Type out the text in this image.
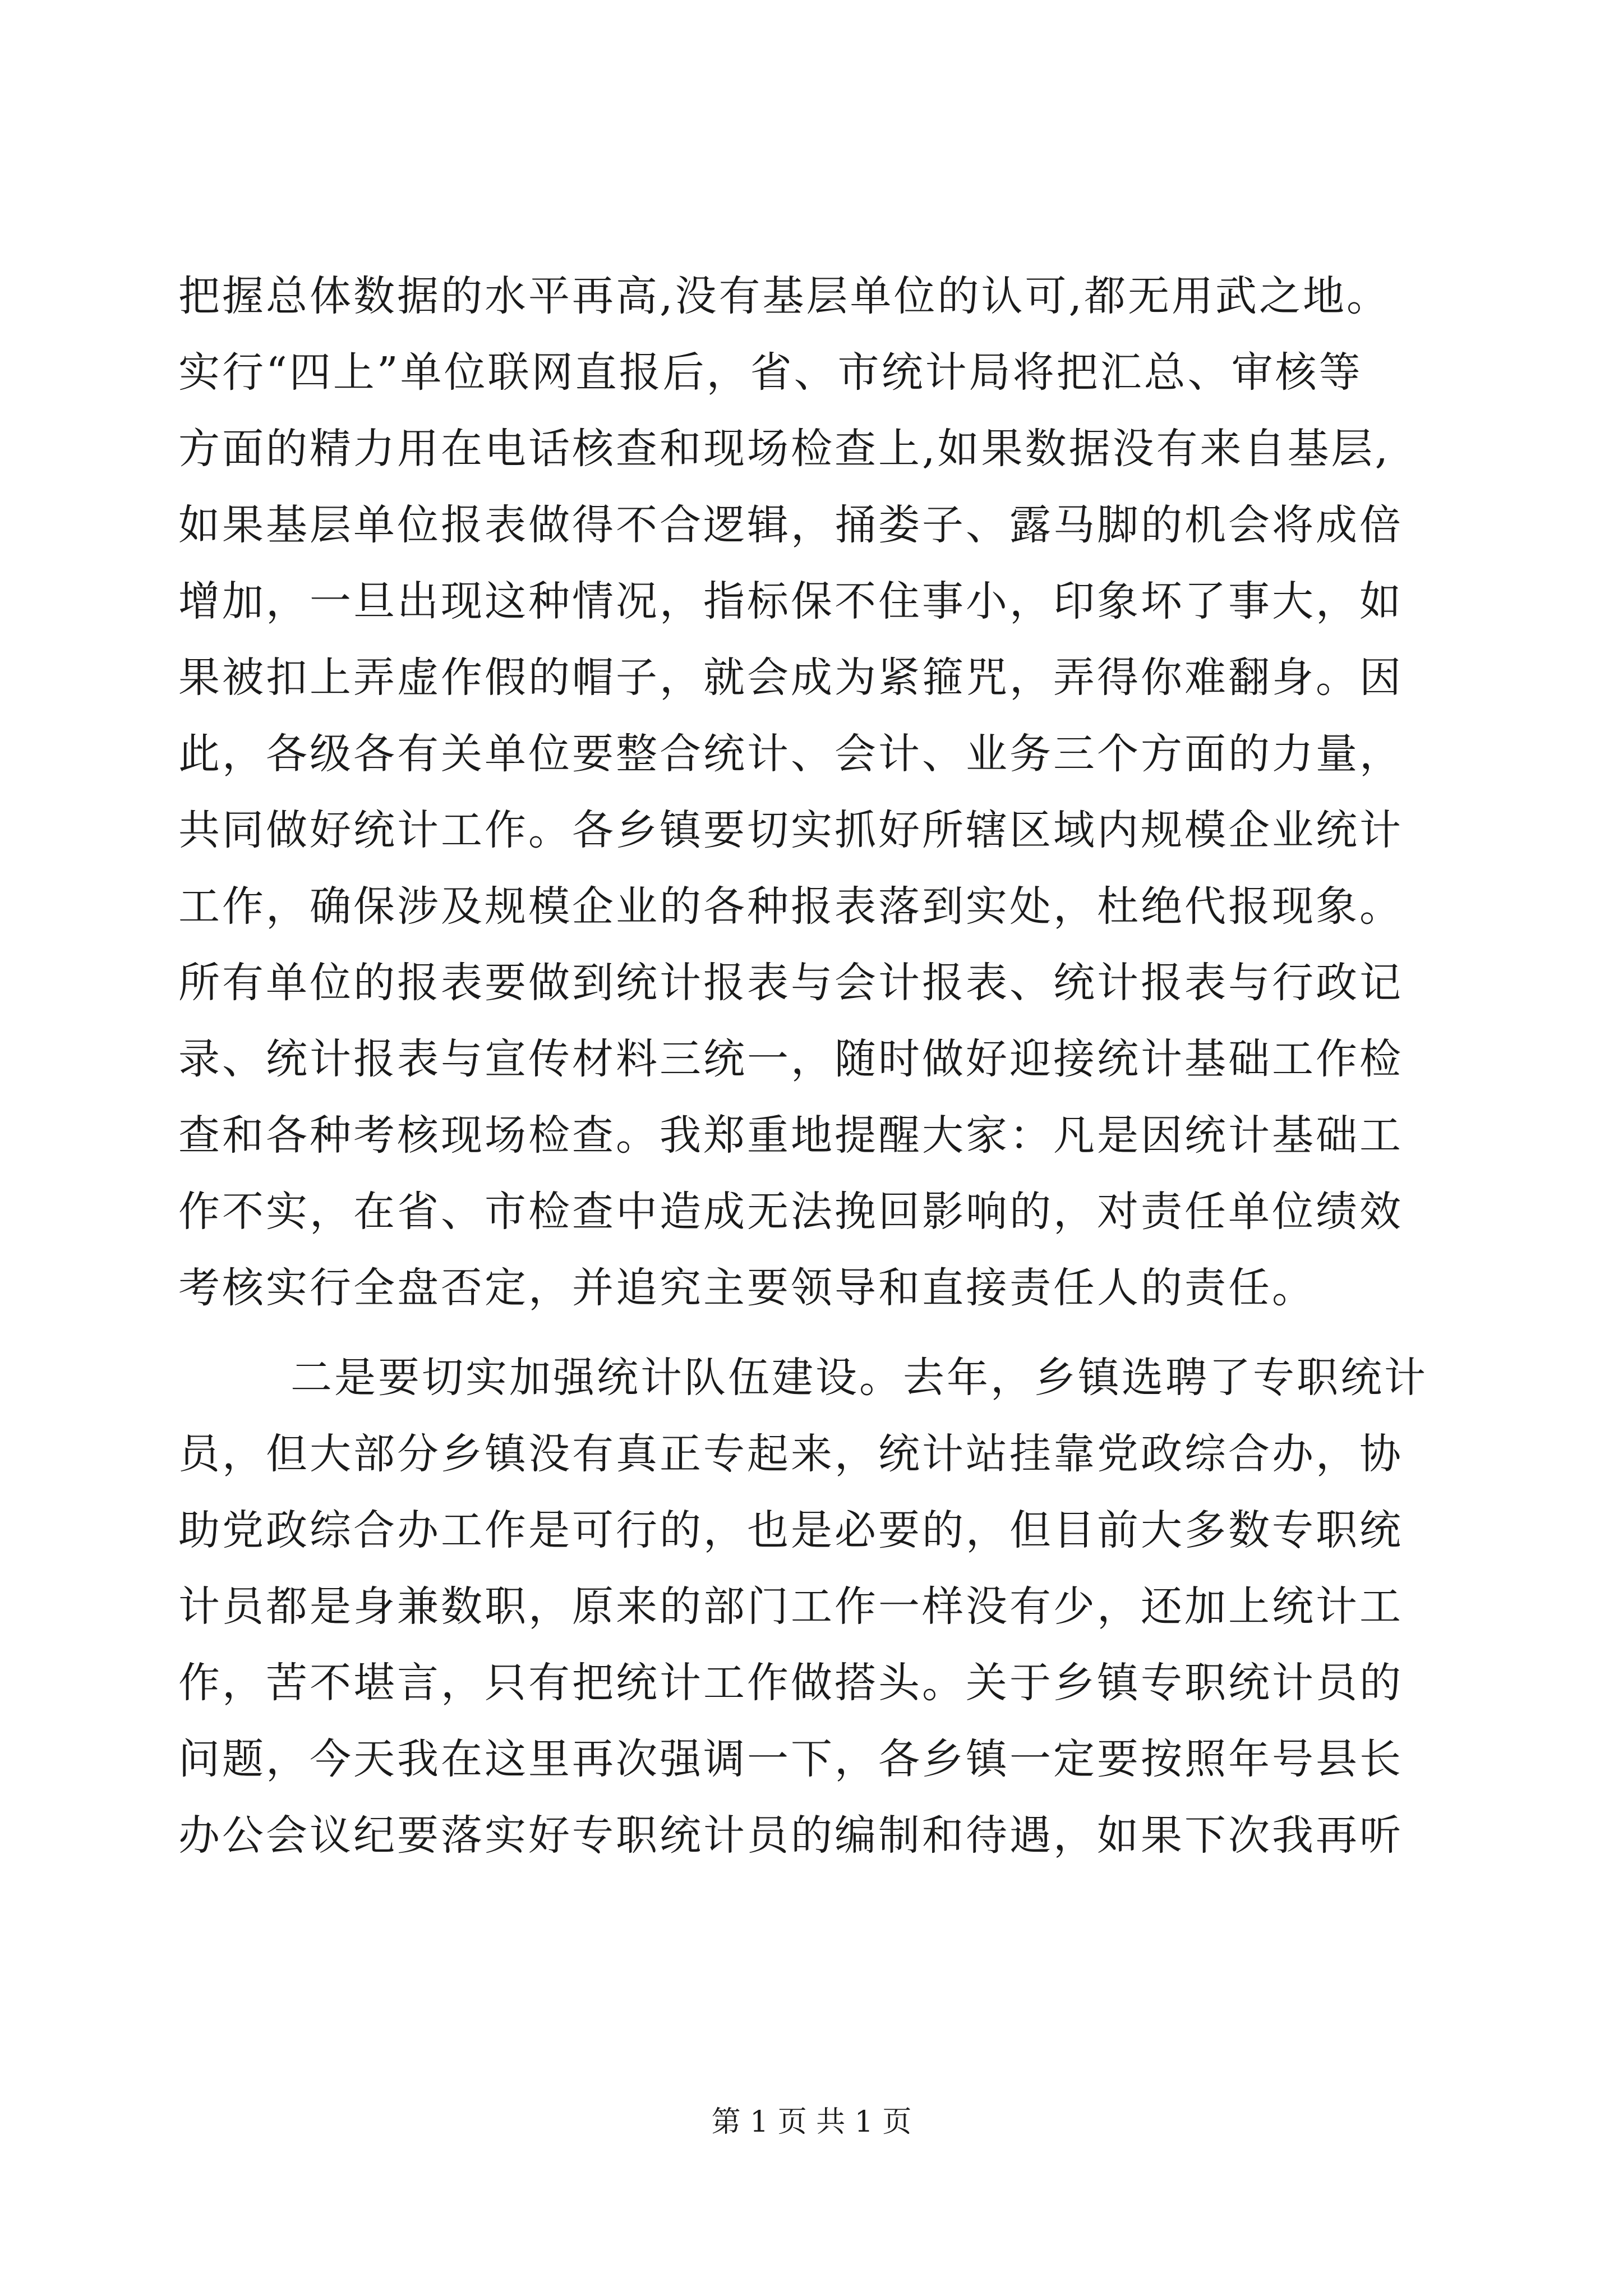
把握总体数据的水平再高,没有基层单位的认可,都无用武之地。
实行“四上”单位联网直报后，省、市统计局将把汇总、审核等
方面的精力用在电话核查和现场检查上,如果数据没有来自基层,
如果基层单位报表做得不合逻辑，捅娄子、露马脚的机会将成倍
增加，一旦出现这种情况，指标保不住事小，印象坏了事大，如
果被扣上弄虚作假的帽子，就会成为紧箍咒，弄得你难翻身。因
此，各级各有关单位要整合统计、会计、业务三个方面的力量，
共同做好统计工作。各乡镇要切实抓好所辖区域内规模企业统计
工作，确保涉及规模企业的各种报表落到实处，杜绝代报现象。
所有单位的报表要做到统计报表与会计报表、统计报表与行政记
录、统计报表与宣传材料三统一，随时做好迎接统计基础工作检
查和各种考核现场检查。我郑重地提醒大家：凡是因统计基础工
作不实，在省、市检查中造成无法挽回影响的，对责任单位绩效
考核实行全盘否定，并追究主要领导和直接责任人的责任。
二是要切实加强统计队伍建设。去年，乡镇选聘了专职统计
员，但大部分乡镇没有真正专起来，统计站挂靠党政综合办，协
助党政综合办工作是可行的，也是必要的，但目前大多数专职统
计员都是身兼数职，原来的部门工作一样没有少，还加上统计工
作，苦不堪言，只有把统计工作做搭头。关于乡镇专职统计员的
问题，今天我在这里再次强调一下，各乡镇一定要按照年号县长
办公会议纪要落实好专职统计员的编制和待遇，如果下次我再听
第 1 页 共 1 页
